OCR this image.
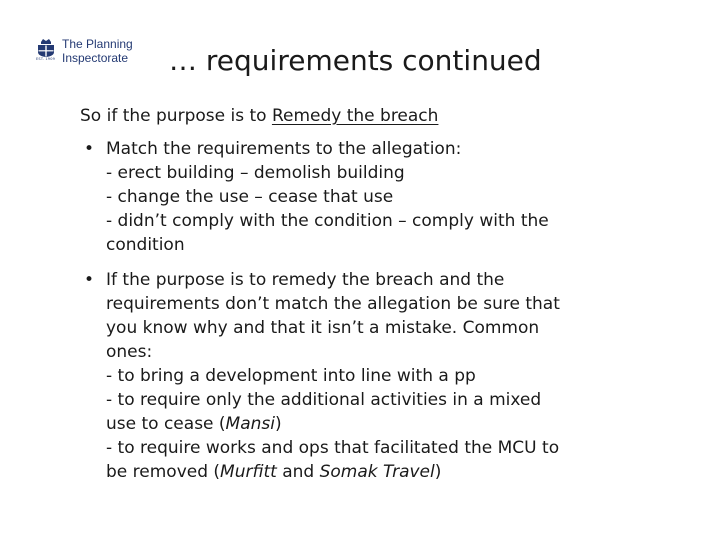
EST. 1909
The Planning
Inspectorate … requirements continued
So if the purpose is to Remedy the breach
• Match the requirements to the allegation:
- erect building – demolish building
- change the use – cease that use
- didn’t comply with the condition – comply with the
condition
• If the purpose is to remedy the breach and the
requirements don’t match the allegation be sure that
you know why and that it isn’t a mistake. Common
ones:
- to bring a development into line with a pp
- to require only the additional activities in a mixed
use to cease (Mansi)
- to require works and ops that facilitated the MCU to
be removed (Murfitt and Somak Travel)
